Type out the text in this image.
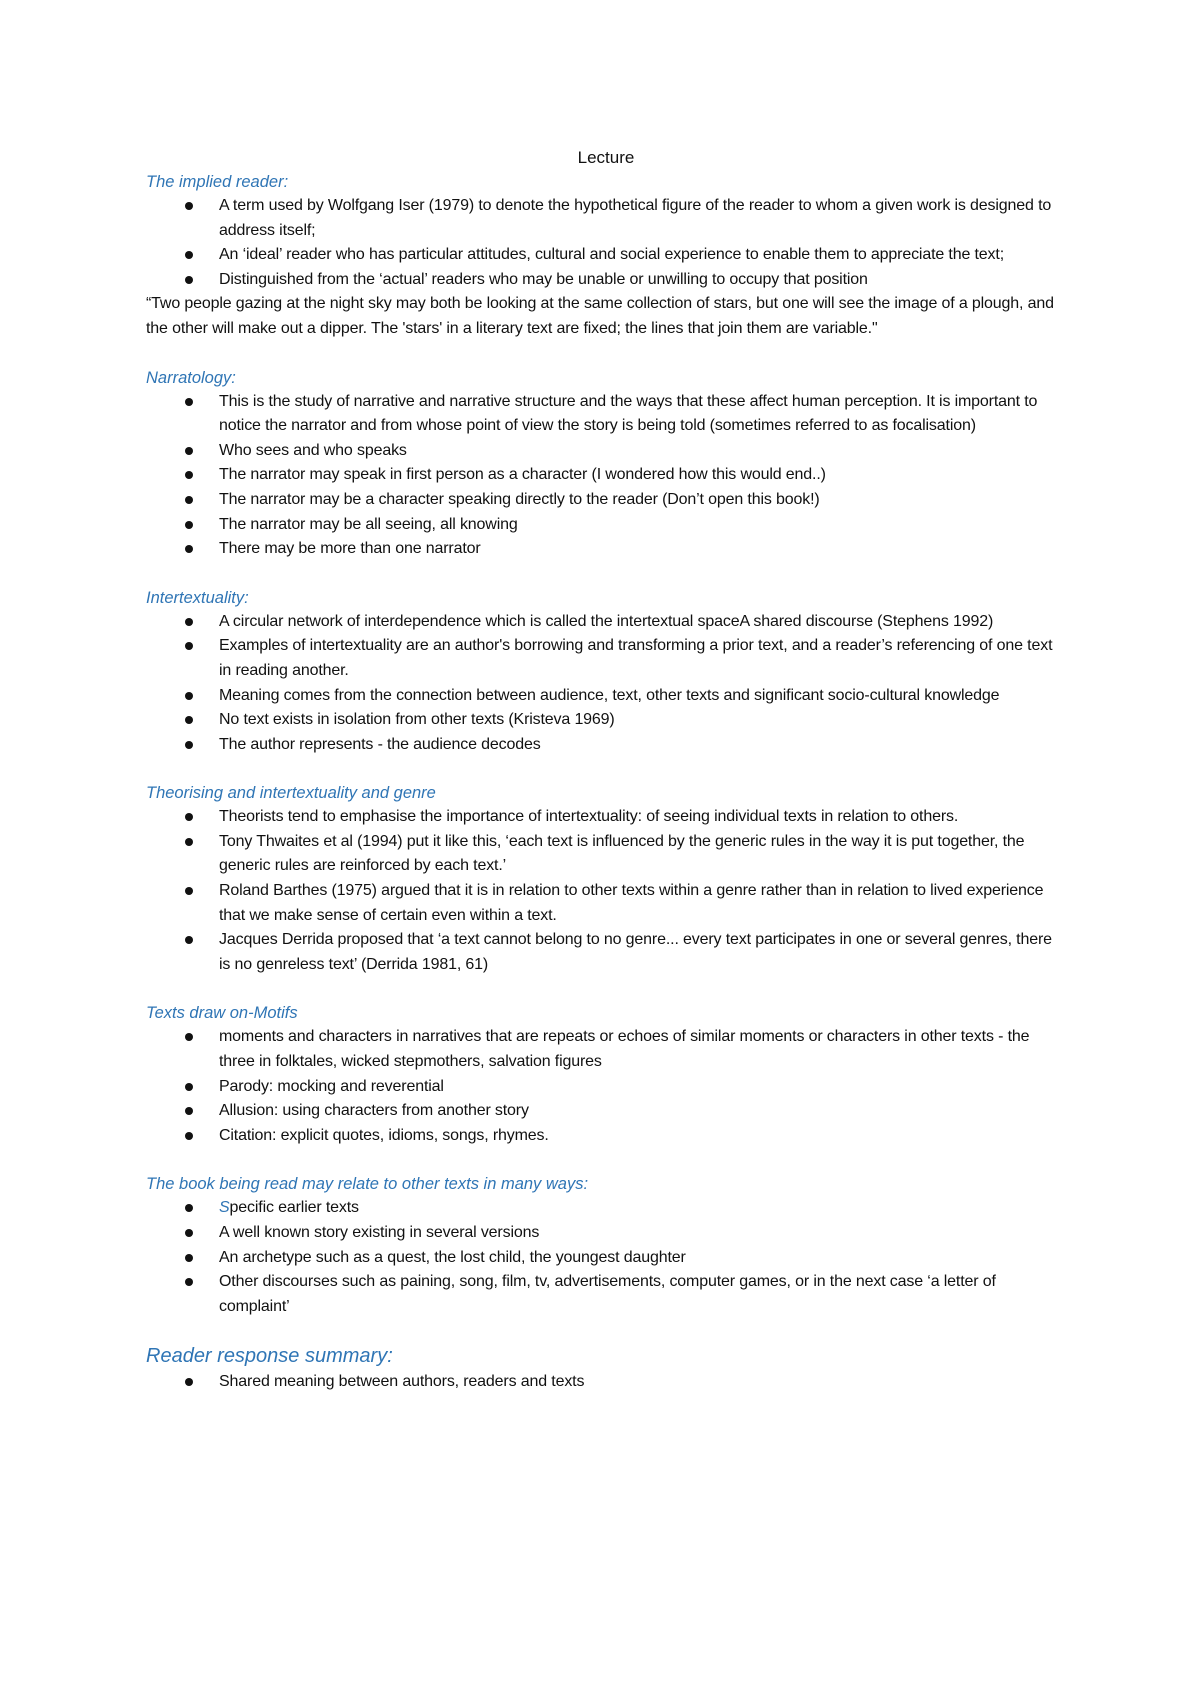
Lecture

The implied reader:

A term used by Wolfgang Iser (1979) to denote the hypothetical figure of the reader to whom a given work is designed to address itself;
An ‘ideal’ reader who has particular attitudes, cultural and social experience to enable them to appreciate the text;
Distinguished from the ‘actual’ readers who may be unable or unwilling to occupy that position

“Two people gazing at the night sky may both be looking at the same collection of stars, but one will see the image of a plough, and the other will make out a dipper. The 'stars' in a literary text are fixed; the lines that join them are variable."

Narratology:

This is the study of narrative and narrative structure and the ways that these affect human perception. It is important to notice the narrator and from whose point of view the story is being told (sometimes referred to as focalisation)
Who sees and who speaks
The narrator may speak in first person as a character (I wondered how this would end..)
The narrator may be a character speaking directly to the reader (Don’t open this book!)
The narrator may be all seeing, all knowing
There may be more than one narrator

Intertextuality:

A circular network of interdependence which is called the intertextual spaceA shared discourse (Stephens 1992)
Examples of intertextuality are an author's borrowing and transforming a prior text, and a reader’s referencing of one text in reading another.
Meaning comes from the connection between audience, text, other texts and significant socio-cultural knowledge
No text exists in isolation from other texts (Kristeva 1969)
The author represents - the audience decodes

Theorising and intertextuality and genre

Theorists tend to emphasise the importance of intertextuality: of seeing individual texts in relation to others.
Tony Thwaites et al (1994) put it like this, ‘each text is influenced by the generic rules in the way it is put together, the generic rules are reinforced by each text.’
Roland Barthes (1975) argued that it is in relation to other texts within a genre rather than in relation to lived experience that we make sense of certain even within a text.
Jacques Derrida proposed that ‘a text cannot belong to no genre... every text participates in one or several genres, there is no genreless text’ (Derrida 1981, 61)

Texts draw on-Motifs

moments and characters in narratives that are repeats or echoes of similar moments or characters in other texts - the three in folktales, wicked stepmothers, salvation figures
Parody: mocking and reverential
Allusion: using characters from another story
Citation: explicit quotes, idioms, songs, rhymes.

The book being read may relate to other texts in many ways:

Specific earlier texts
A well known story existing in several versions
An archetype such as a quest, the lost child, the youngest daughter
Other discourses such as paining, song, film, tv, advertisements, computer games, or in the next case ‘a letter of complaint’

Reader response summary:

Shared meaning between authors, readers and texts
